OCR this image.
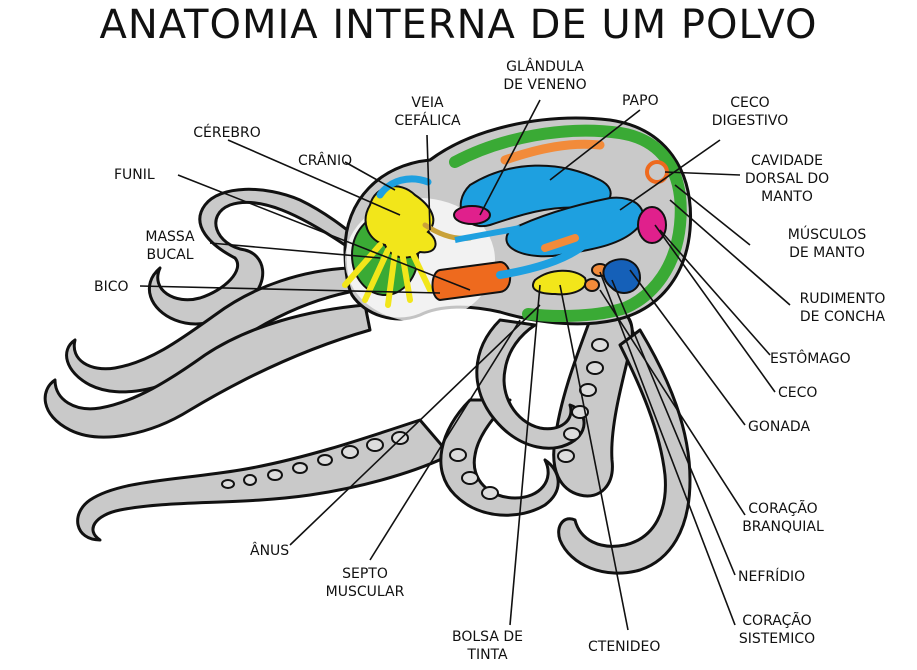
ANATOMIA INTERNA DE UM POLVO
CÉREBRO
FUNIL
MASSA
BUCAL
BICO
VEIA
CEFÁLICA
CRÂNIO
GLÂNDULA
DE VENENO
PAPO	CECO
DIGESTIVO
CAVIDADE
DORSAL DO
MANTO
MÚSCULOS
DE MANTO
RUDIMENTO
DE CONCHA
ESTÔMAGO
CECO
GONADA
CORAÇÃO
BRANQUIAL
NEFRÍDIO
CORAÇÃO
SISTEMICO
CTENIDEO
BOLSA DE
TINTA
SEPTO
MUSCULAR
ÂNUS
